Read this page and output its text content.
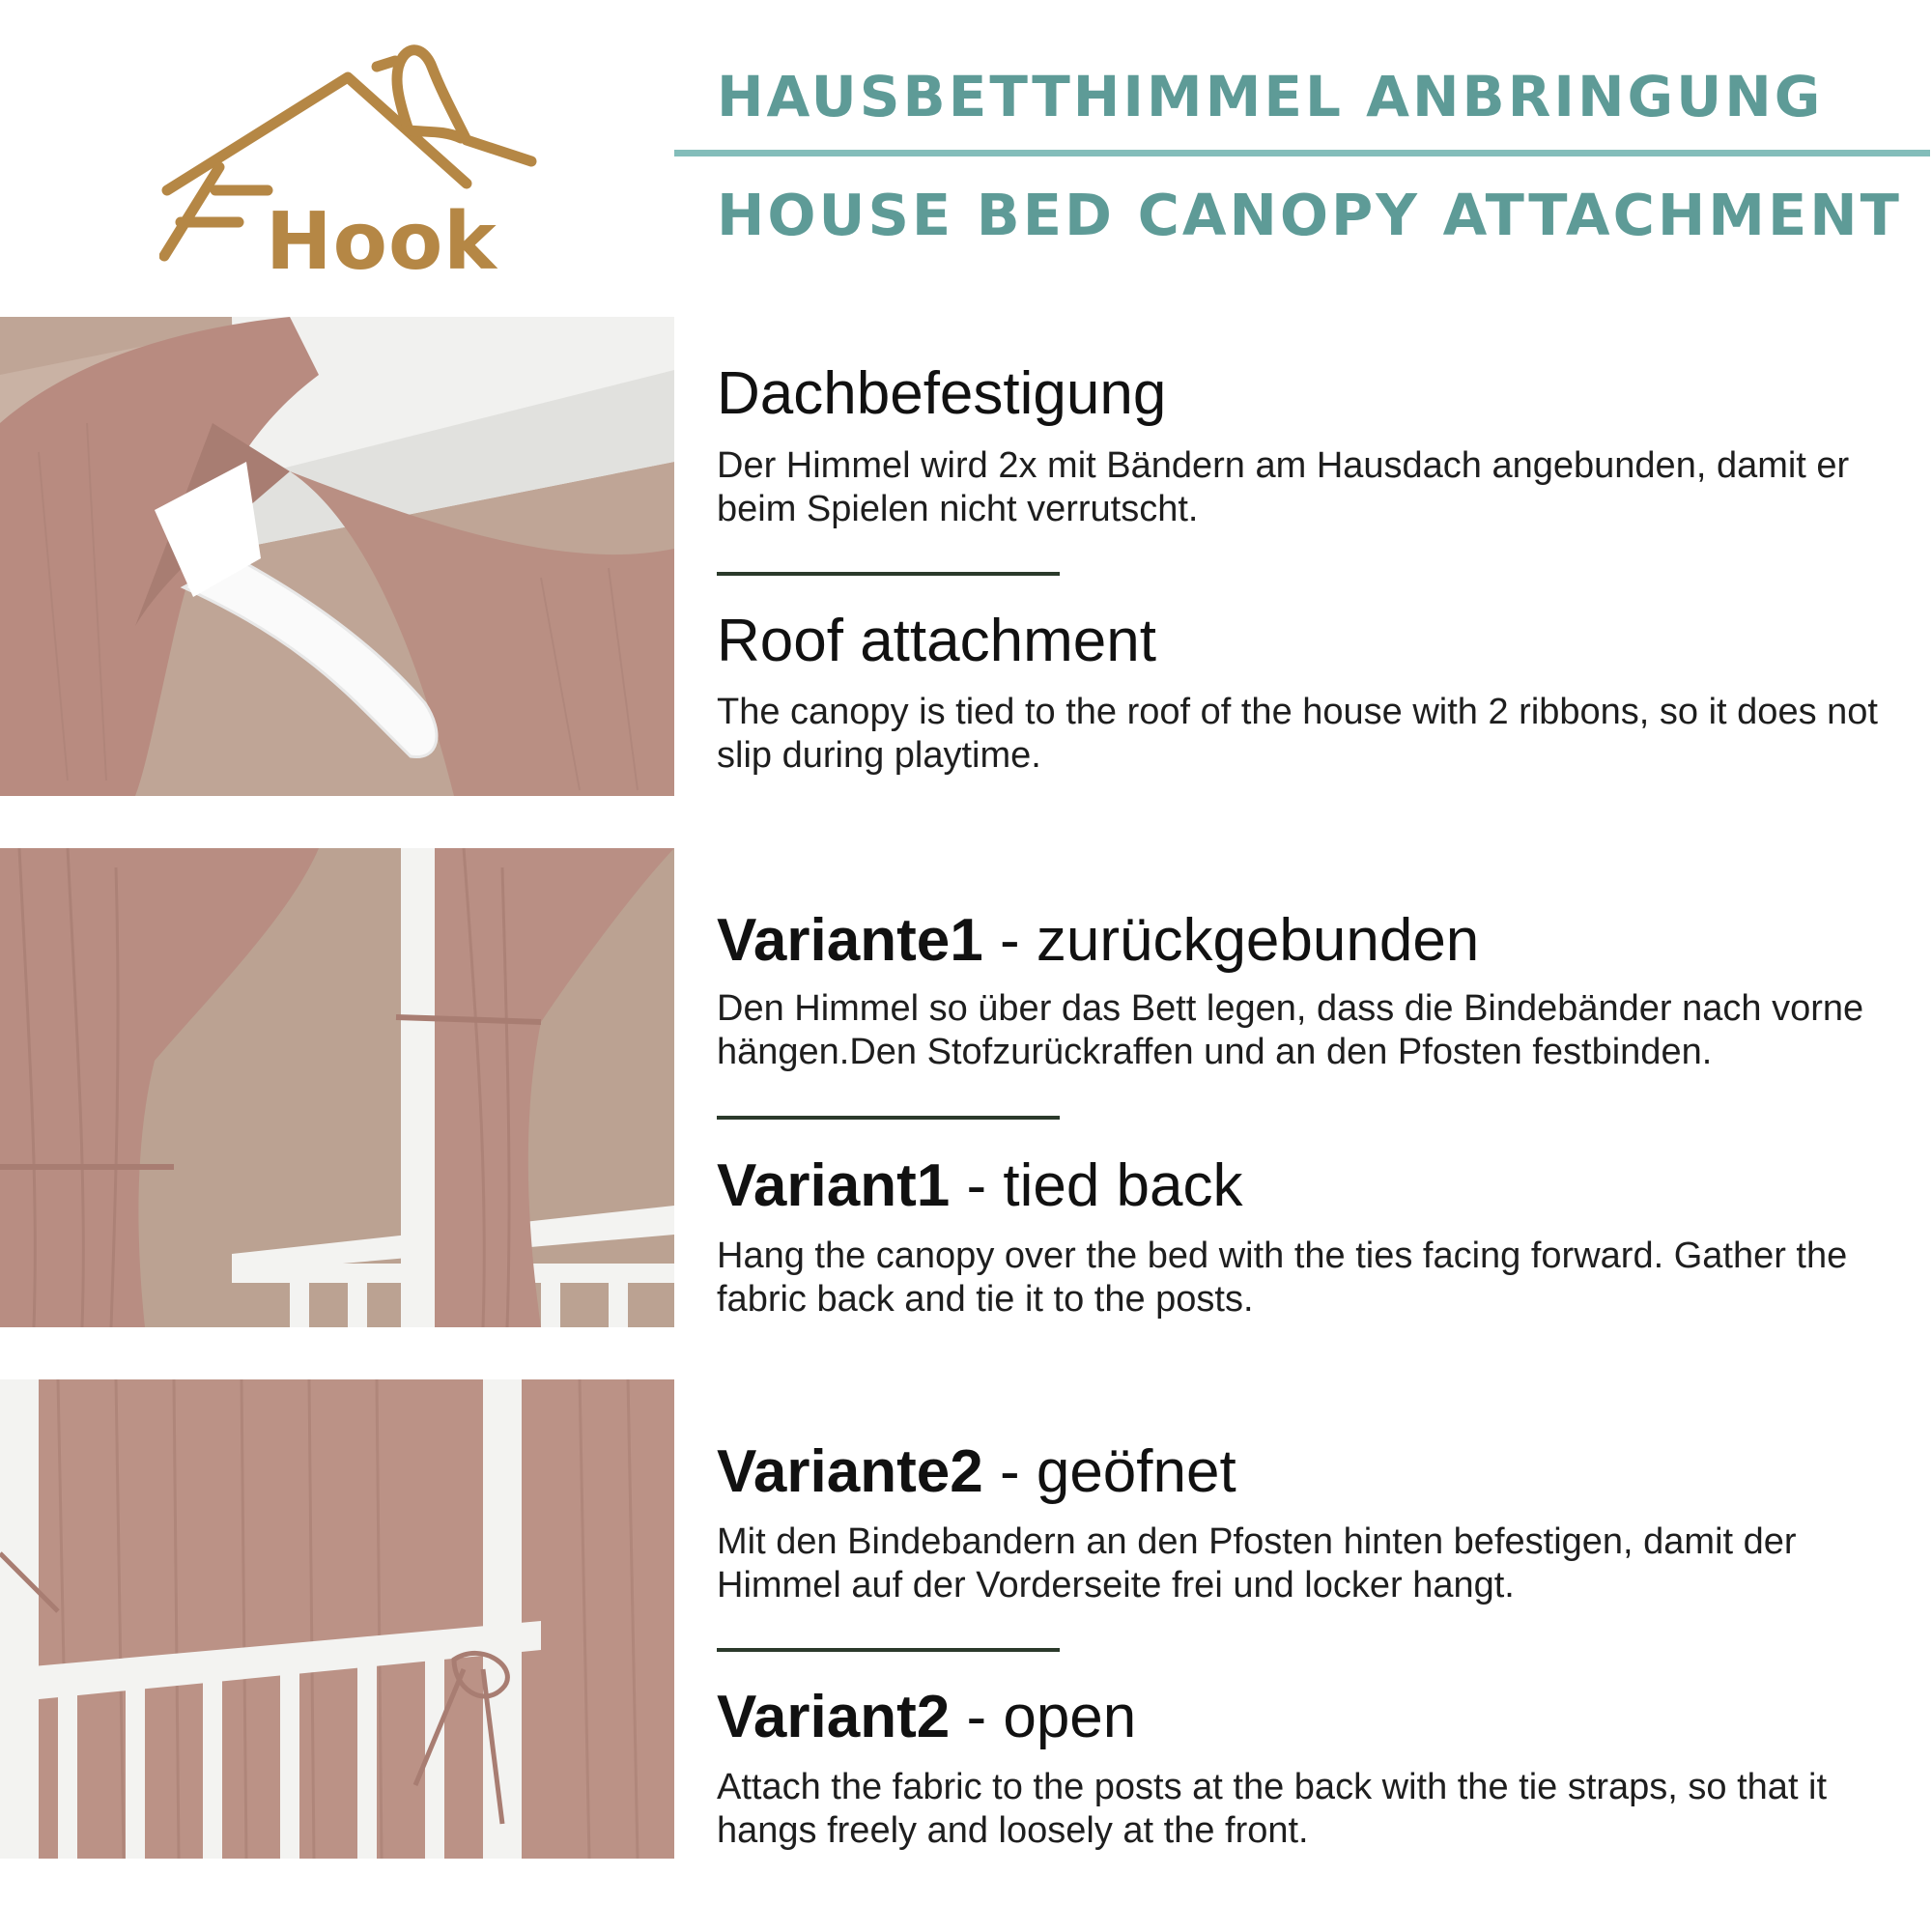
Hook
HAUSBETTHIMMEL ANBRINGUNG
HOUSE BED CANOPY ATTACHMENT
Dachbefestigung
Der Himmel wird 2x mit Bändern am Hausdach angebunden, damit er beim Spielen nicht verrutscht.
Roof attachment
The canopy is tied to the roof of the house with 2 ribbons, so it does not slip during playtime.
Variante1 - zurückgebunden
Den Himmel so über das Bett legen, dass die Bindebänder nach vorne hängen.Den Stofzurückraffen und an den Pfosten festbinden.
Variant1 - tied back
Hang the canopy over the bed with the ties facing forward. Gather the fabric back and tie it to the posts.
Variante2 - geöfnet
Mit den Bindebandern an den Pfosten hinten befestigen, damit der Himmel auf der Vorderseite frei und locker hangt.
Variant2 - open
Attach the fabric to the posts at the back with the tie straps, so that it hangs freely and loosely at the front.
